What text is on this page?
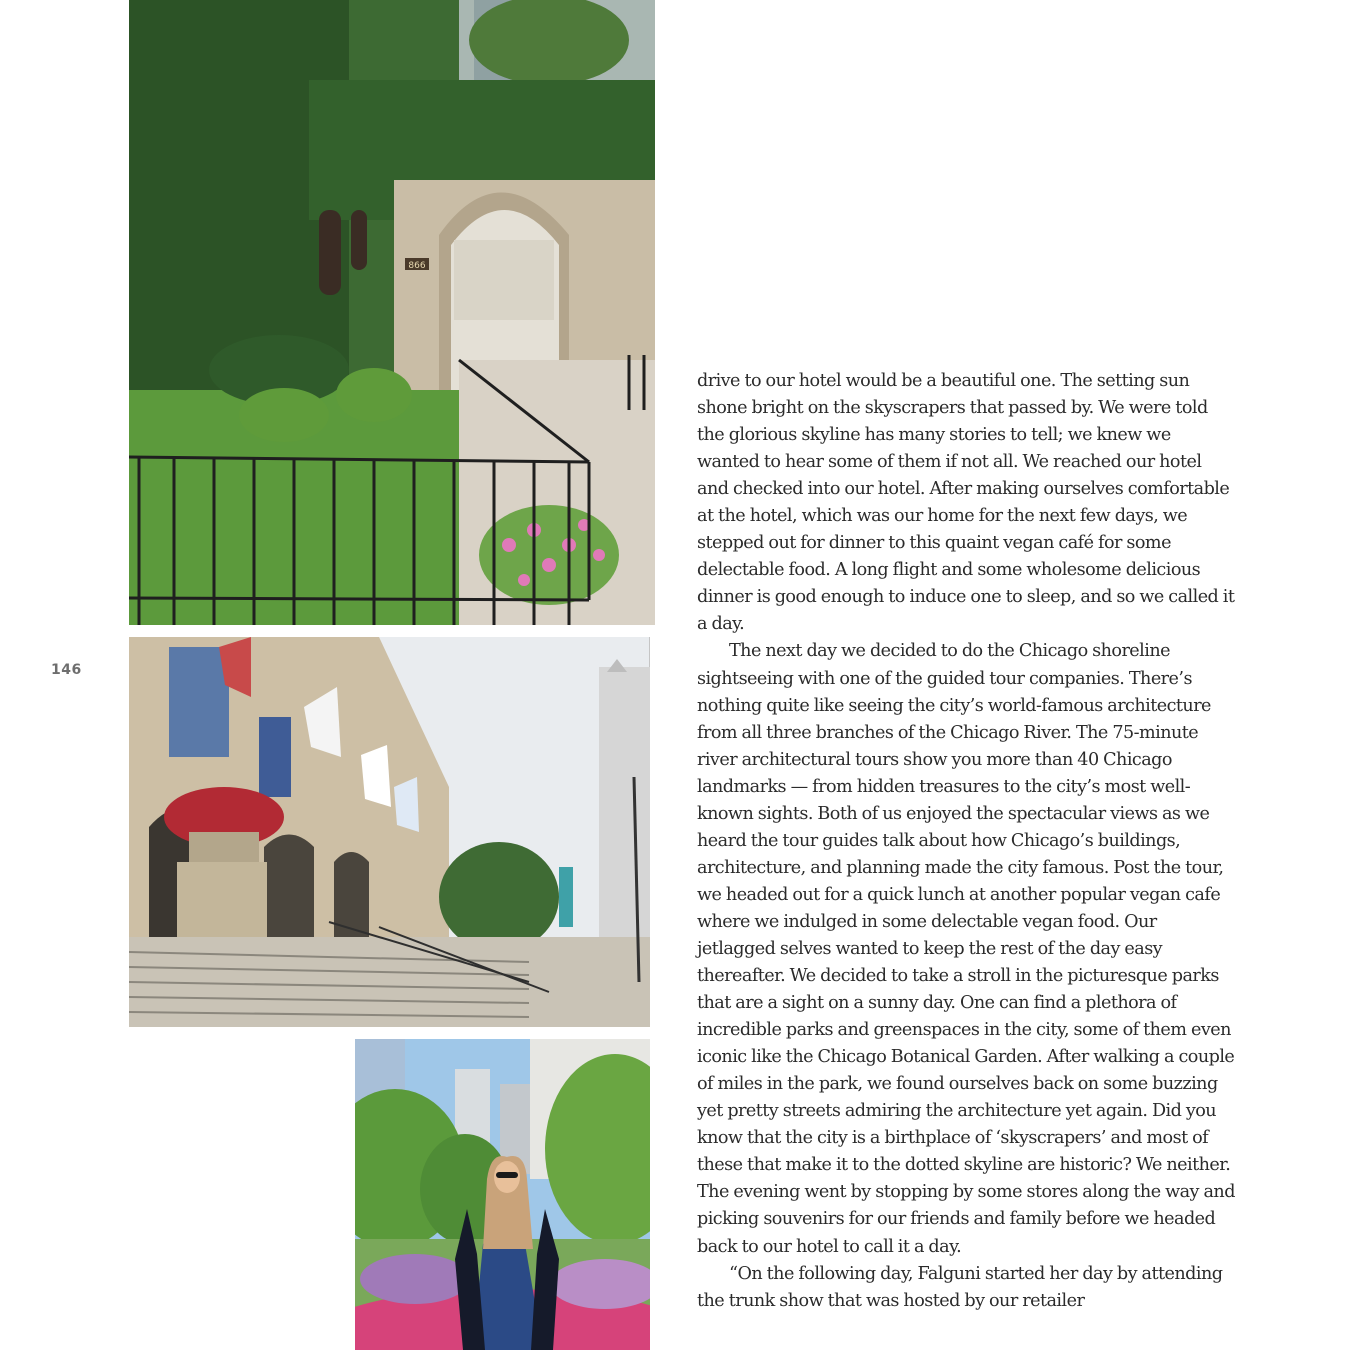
146
866

drive to our hotel would be a beautiful one. The setting sun shone bright on the skyscrapers that passed by. We were told the glorious skyline has many stories to tell; we knew we wanted to hear some of them if not all. We reached our hotel and checked into our hotel. After making ourselves comfortable at the hotel, which was our home for the next few days, we stepped out for dinner to this quaint vegan café for some delectable food. A long flight and some wholesome delicious dinner is good enough to induce one to sleep, and so we called it a day.

The next day we decided to do the Chicago shoreline sightseeing with one of the guided tour companies. There’s nothing quite like seeing the city’s world-famous architecture from all three branches of the Chicago River. The 75-minute river architectural tours show you more than 40 Chicago landmarks — from hidden treasures to the city’s most well-known sights. Both of us enjoyed the spectacular views as we heard the tour guides talk about how Chicago’s buildings, architecture, and planning made the city famous. Post the tour, we headed out for a quick lunch at another popular vegan cafe where we indulged in some delectable vegan food. Our jetlagged selves wanted to keep the rest of the day easy thereafter. We decided to take a stroll in the picturesque parks that are a sight on a sunny day. One can find a plethora of incredible parks and greenspaces in the city, some of them even iconic like the Chicago Botanical Garden. After walking a couple of miles in the park, we found ourselves back on some buzzing yet pretty streets admiring the architecture yet again. Did you know that the city is a birthplace of ‘skyscrapers’ and most of these that make it to the dotted skyline are historic? We neither. The evening went by stopping by some stores along the way and picking souvenirs for our friends and family before we headed back to our hotel to call it a day.

“On the following day, Falguni started her day by attending the trunk show that was hosted by our retailer
